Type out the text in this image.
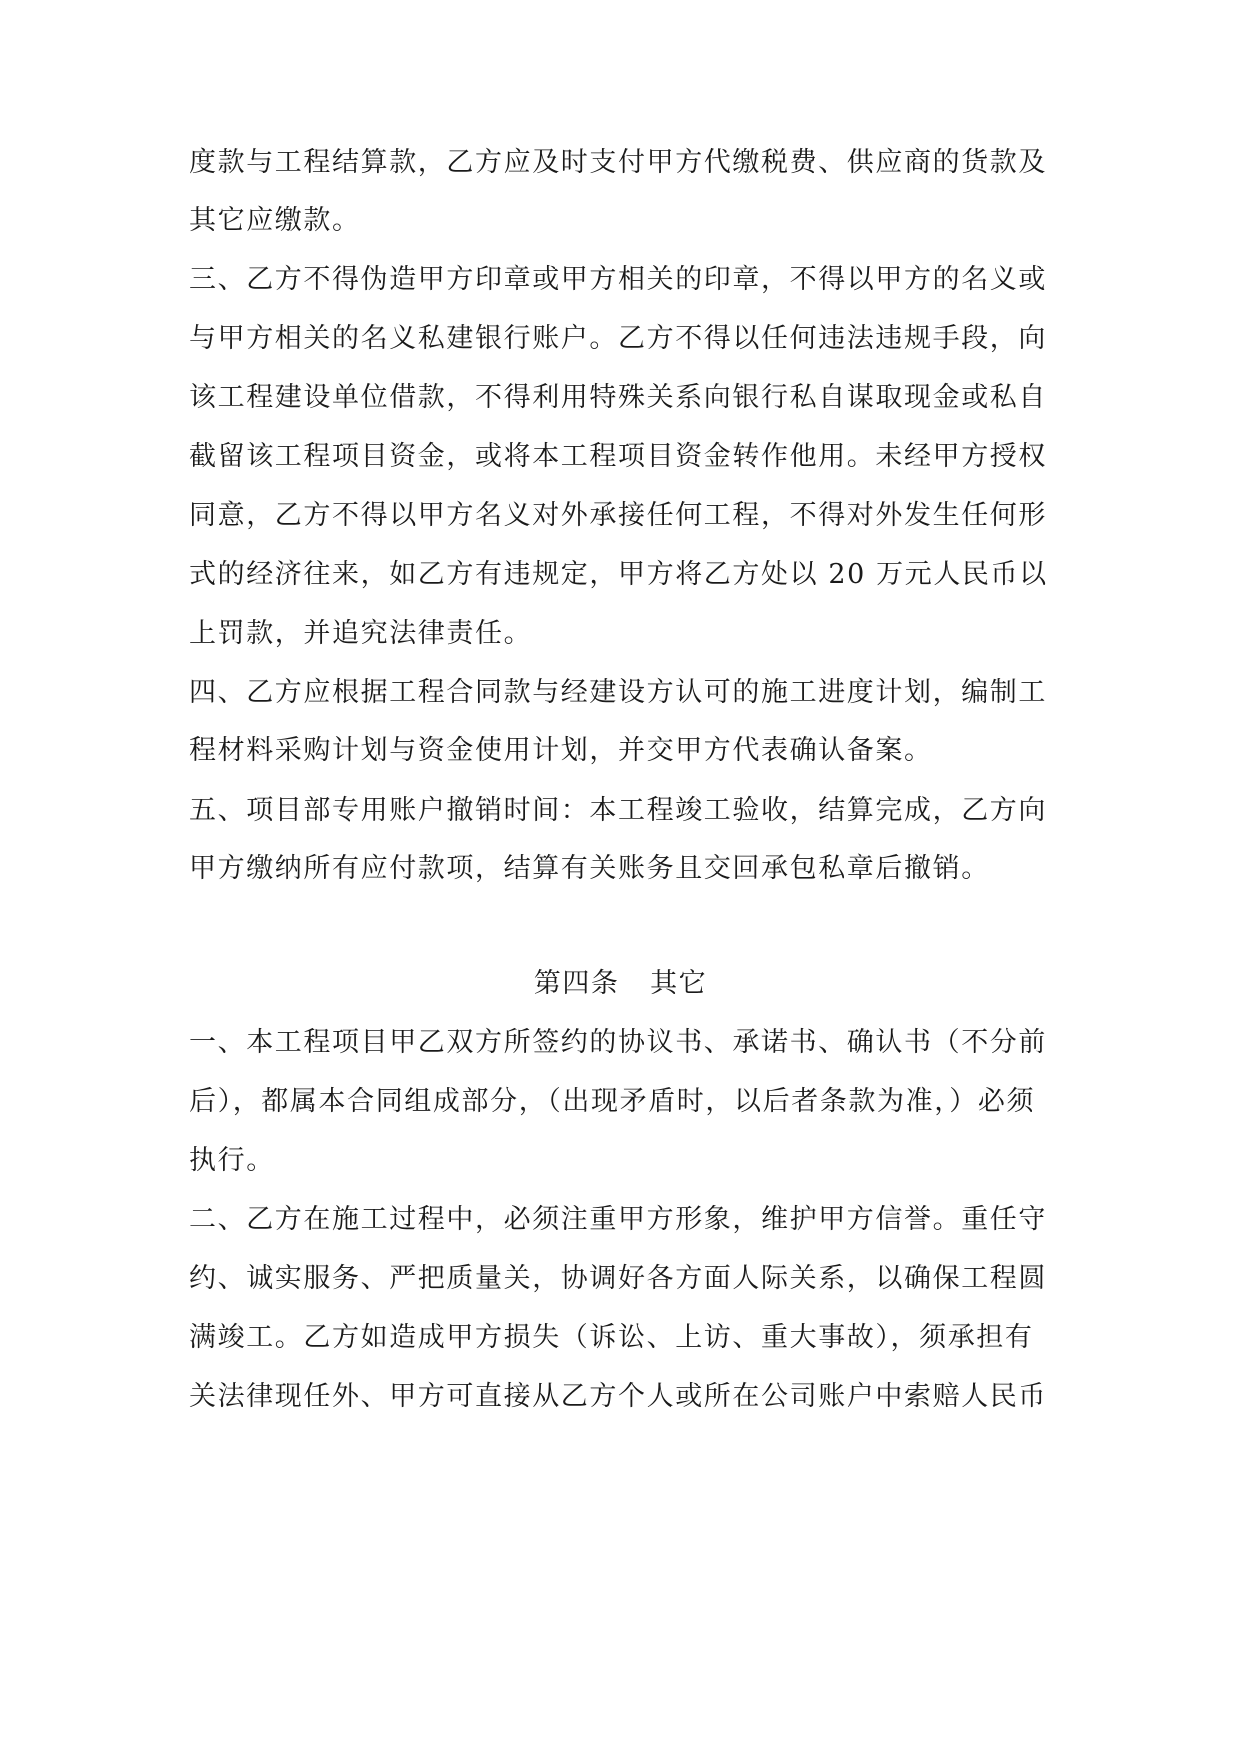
度款与工程结算款，乙方应及时支付甲方代缴税费、供应商的货款及
其它应缴款。
三、乙方不得伪造甲方印章或甲方相关的印章，不得以甲方的名义或
与甲方相关的名义私建银行账户。乙方不得以任何违法违规手段，向
该工程建设单位借款，不得利用特殊关系向银行私自谋取现金或私自
截留该工程项目资金，或将本工程项目资金转作他用。未经甲方授权
同意，乙方不得以甲方名义对外承接任何工程，不得对外发生任何形
式的经济往来，如乙方有违规定，甲方将乙方处以 20 万元人民币以
上罚款，并追究法律责任。
四、乙方应根据工程合同款与经建设方认可的施工进度计划，编制工
程材料采购计划与资金使用计划，并交甲方代表确认备案。
五、项目部专用账户撤销时间：本工程竣工验收，结算完成，乙方向
甲方缴纳所有应付款项，结算有关账务且交回承包私章后撤销。
第四条   其它
一、本工程项目甲乙双方所签约的协议书、承诺书、确认书（不分前
后），都属本合同组成部分，（出现矛盾时，以后者条款为准，）必须
执行。
二、乙方在施工过程中，必须注重甲方形象，维护甲方信誉。重任守
约、诚实服务、严把质量关，协调好各方面人际关系，以确保工程圆
满竣工。乙方如造成甲方损失（诉讼、上访、重大事故），须承担有
关法律现任外、甲方可直接从乙方个人或所在公司账户中索赔人民币
